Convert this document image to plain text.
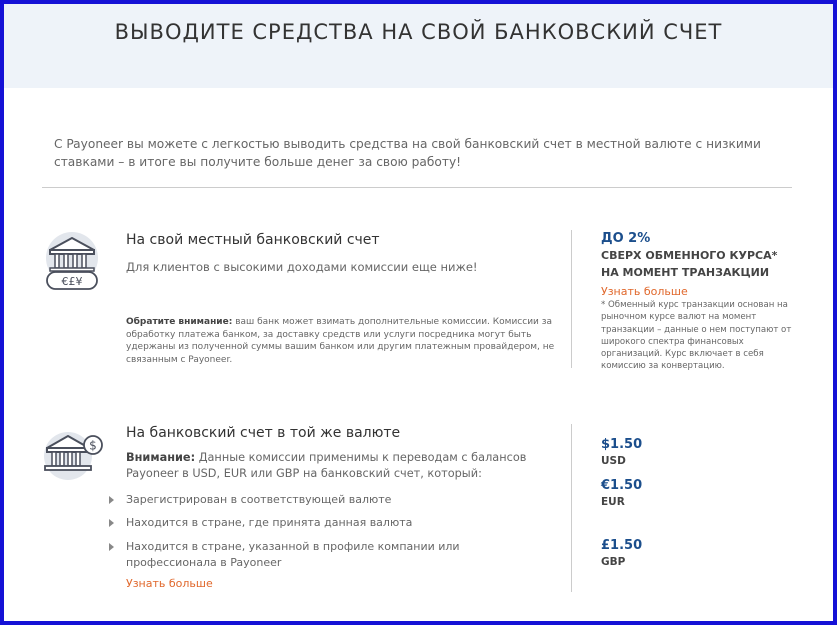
ВЫВОДИТЕ СРЕДСТВА НА СВОЙ БАНКОВСКИЙ СЧЕТ
С Payoneer вы можете с легкостью выводить средства на свой банковский счет в местной валюте с низкими ставками – в итоге вы получите больше денег за свою работу!
€£¥
На свой местный банковский счет
Для клиентов с высокими доходами комиссии еще ниже!
Обратите внимание: ваш банк может взимать дополнительные комиссии. Комиссии за обработку платежа банком, за доставку средств или услуги посредника могут быть удержаны из полученной суммы вашим банком или другим платежным провайдером, не связанным с Payoneer.
ДО 2%
СВЕРХ ОБМЕННОГО КУРСА* НА МОМЕНТ ТРАНЗАКЦИИ
Узнать больше
* Обменный курс транзакции основан на рыночном курсе валют на момент транзакции – данные о нем поступают от широкого спектра финансовых организаций. Курс включает в себя комиссию за конвертацию.
$
На банковский счет в той же валюте
Внимание: Данные комиссии применимы к переводам с балансов Payoneer в USD, EUR или GBP на банковский счет, который:
Зарегистрирован в соответствующей валюте
Находится в стране, где принята данная валюта
Находится в стране, указанной в профиле компании или профессионала в Payoneer
Узнать больше
$1.50
USD
€1.50
EUR
£1.50
GBP
